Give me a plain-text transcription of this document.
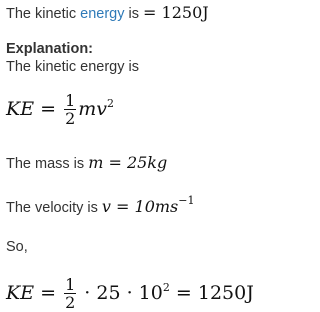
The kinetic energy is = 1250J
Explanation:
The kinetic energy is
KE = $\frac{1}{2} mv^2$
The mass is m = 25kg
The velocity is $v = 10ms^{-1}$
So,
KE = $\frac{1}{2} \cdot 25 \cdot 10^2 = 1250J$
